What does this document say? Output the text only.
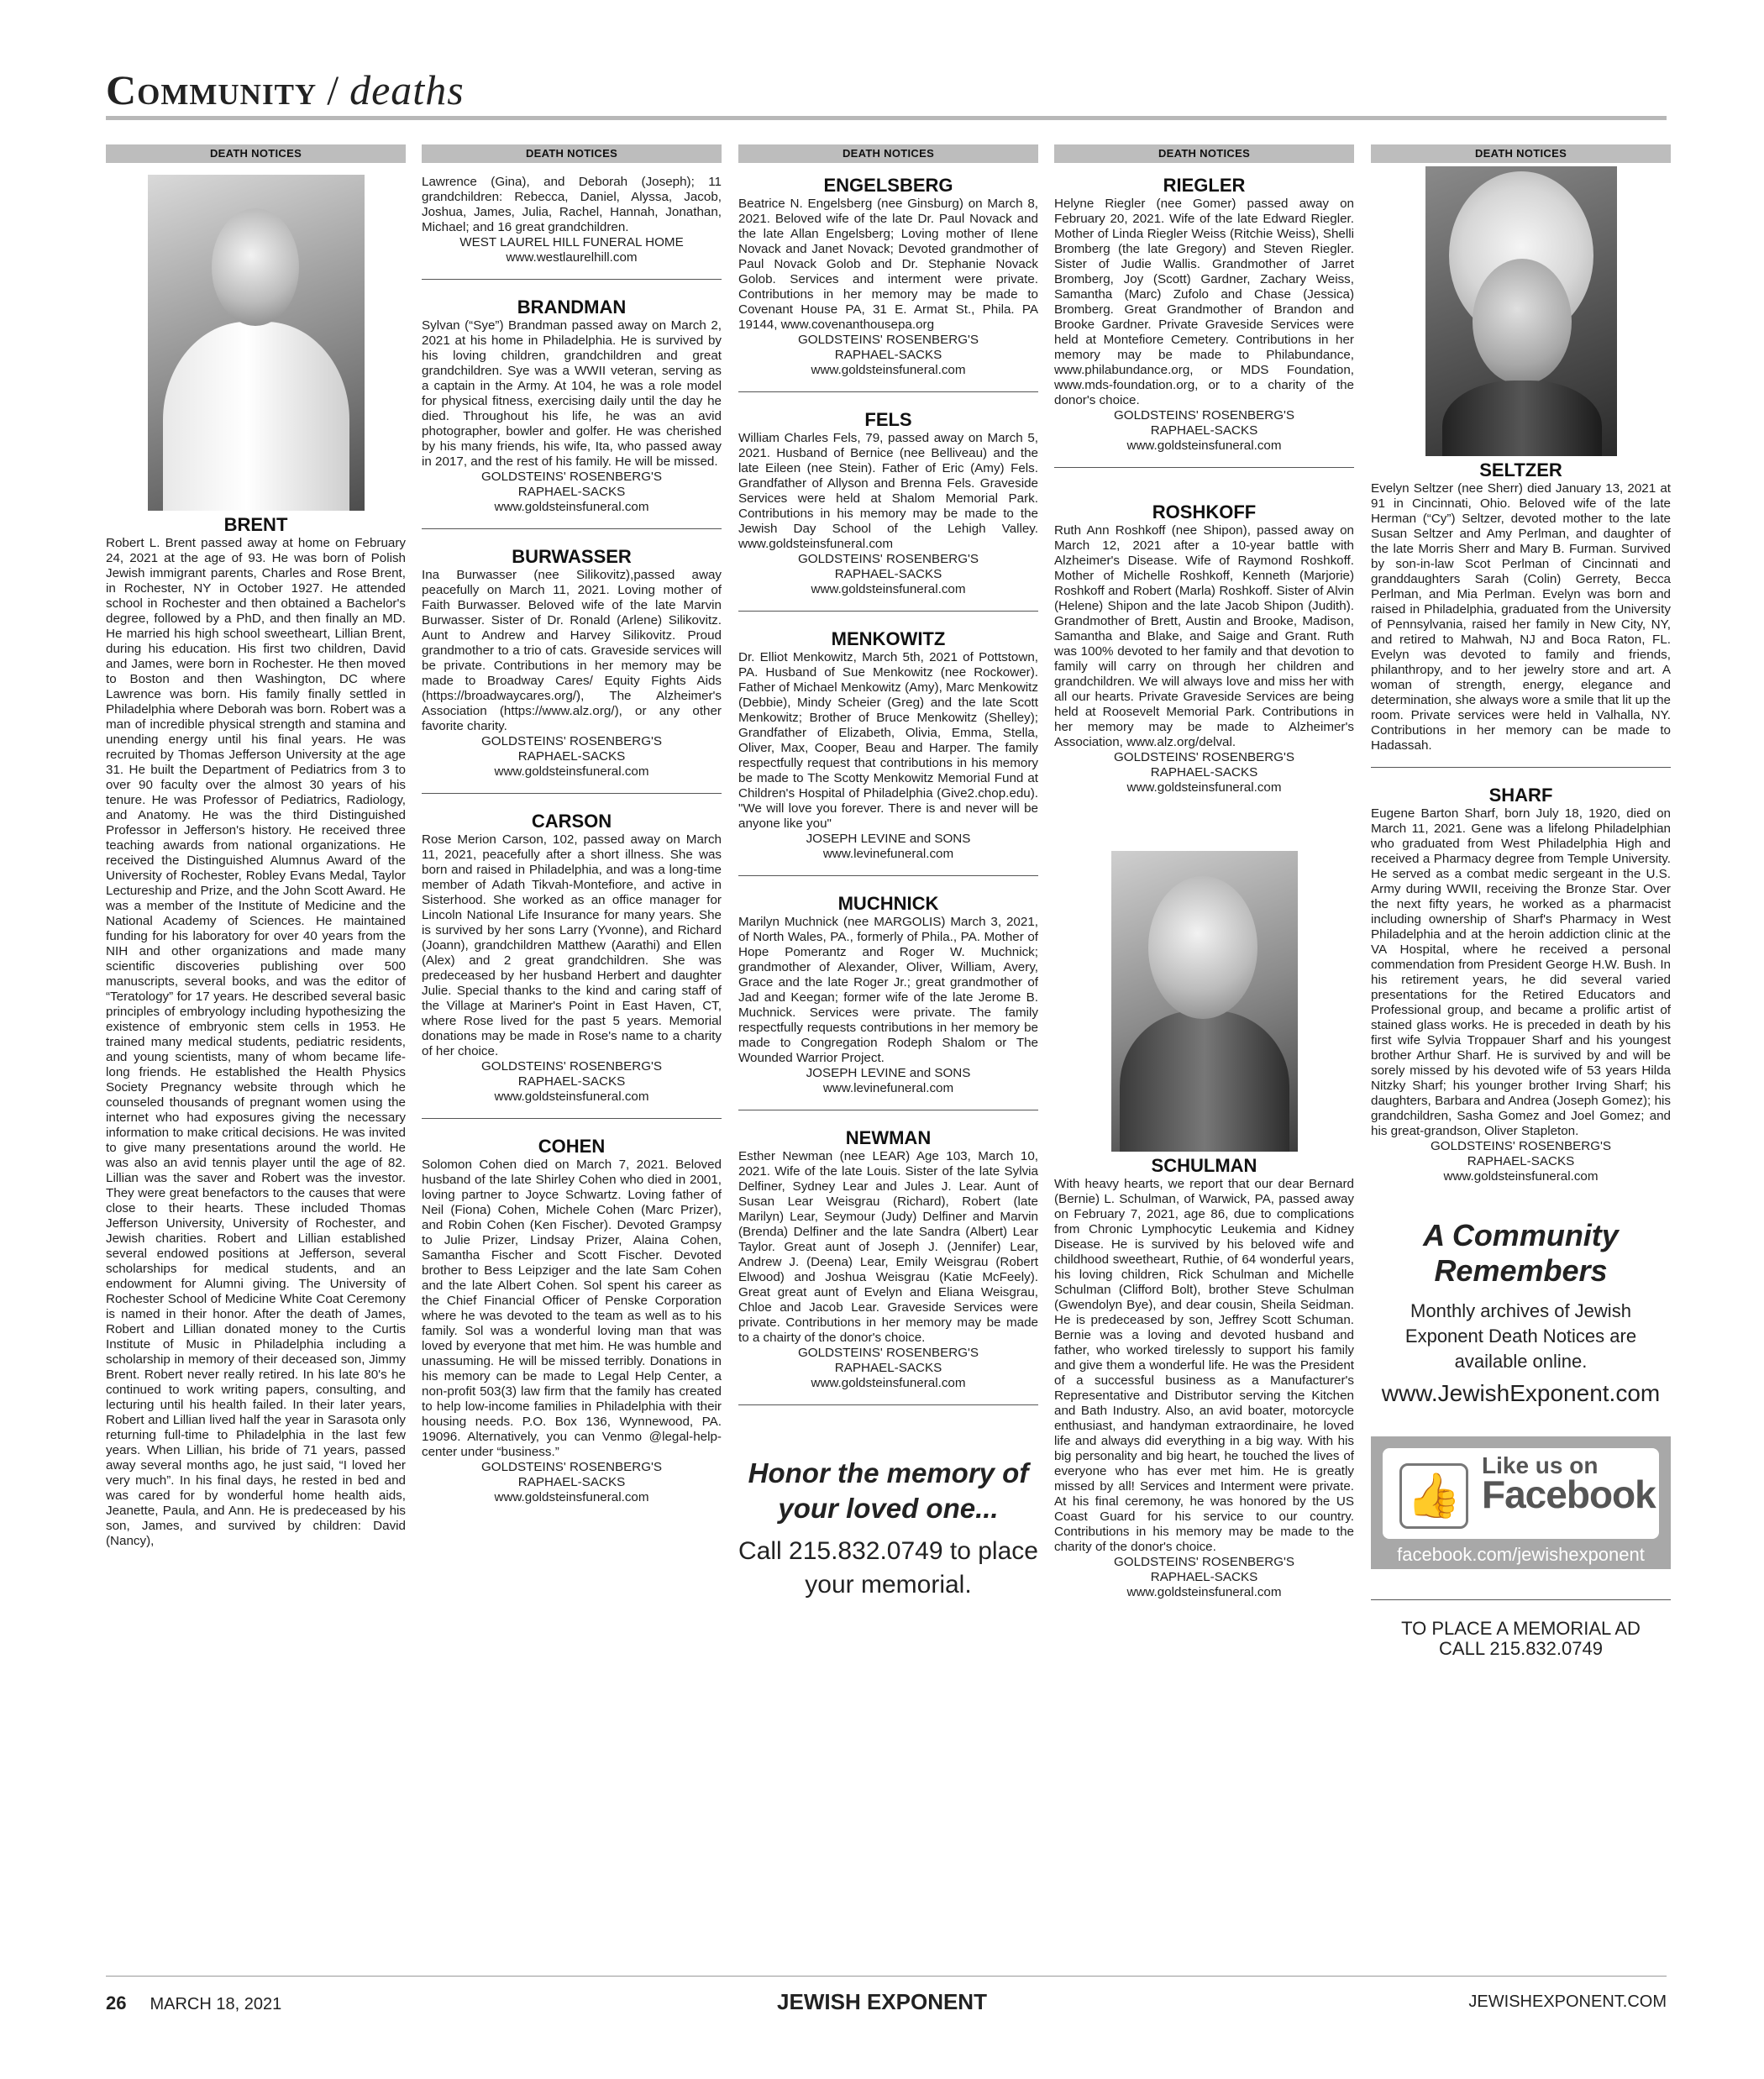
Community / deaths
DEATH NOTICES
BRENT
Robert L. Brent passed away at home on February 24, 2021 at the age of 93. He was born of Polish Jewish immigrant parents, Charles and Rose Brent, in Rochester, NY in October 1927. He attended school in Rochester and then obtained a Bachelor's degree, followed by a PhD, and then finally an MD. He married his high school sweetheart, Lillian Brent, during his education. His first two children, David and James, were born in Rochester. He then moved to Boston and then Washington, DC where Lawrence was born. His family finally settled in Philadelphia where Deborah was born. Robert was a man of incredible physical strength and stamina and unending energy until his final years. He was recruited by Thomas Jefferson University at the age 31. He built the Department of Pediatrics from 3 to over 90 faculty over the almost 30 years of his tenure. He was Professor of Pediatrics, Radiology, and Anatomy. He was the third Distinguished Professor in Jefferson's history. He received three teaching awards from national organizations. He received the Distinguished Alumnus Award of the University of Rochester, Robley Evans Medal, Taylor Lectureship and Prize, and the John Scott Award. He was a member of the Institute of Medicine and the National Academy of Sciences. He maintained funding for his laboratory for over 40 years from the NIH and other organizations and made many scientific discoveries publishing over 500 manuscripts, several books, and was the editor of “Teratology” for 17 years. He described several basic principles of embryology including hypothesizing the existence of embryonic stem cells in 1953. He trained many medical students, pediatric residents, and young scientists, many of whom became life-long friends. He established the Health Physics Society Pregnancy website through which he counseled thousands of pregnant women using the internet who had exposures giving the necessary information to make critical decisions. He was invited to give many presentations around the world. He was also an avid tennis player until the age of 82. Lillian was the saver and Robert was the investor. They were great benefactors to the causes that were close to their hearts. These included Thomas Jefferson University, University of Rochester, and Jewish charities. Robert and Lillian established several endowed positions at Jefferson, several scholarships for medical students, and an endowment for Alumni giving. The University of Rochester School of Medicine White Coat Ceremony is named in their honor. After the death of James, Robert and Lillian donated money to the Curtis Institute of Music in Philadelphia including a scholarship in memory of their deceased son, Jimmy Brent. Robert never really retired. In his late 80's he continued to work writing papers, consulting, and lecturing until his health failed. In their later years, Robert and Lillian lived half the year in Sarasota only returning full-time to Philadelphia in the last few years. When Lillian, his bride of 71 years, passed away several months ago, he just said, “I loved her very much”. In his final days, he rested in bed and was cared for by wonderful home health aids, Jeanette, Paula, and Ann. He is predeceased by his son, James, and survived by children: David (Nancy),
DEATH NOTICES
Lawrence (Gina), and Deborah (Joseph); 11 grandchildren: Rebecca, Daniel, Alyssa, Jacob, Joshua, James, Julia, Rachel, Hannah, Jonathan, Michael; and 16 great grandchildren.
WEST LAUREL HILL FUNERAL HOME
www.westlaurelhill.com
BRANDMAN
Sylvan (“Sye”) Brandman passed away on March 2, 2021 at his home in Philadelphia. He is survived by his loving children, grandchildren and great grandchildren. Sye was a WWII veteran, serving as a captain in the Army. At 104, he was a role model for physical fitness, exercising daily until the day he died. Throughout his life, he was an avid photographer, bowler and golfer. He was cherished by his many friends, his wife, Ita, who passed away in 2017, and the rest of his family. He will be missed.
GOLDSTEINS' ROSENBERG'S
RAPHAEL-SACKS
www.goldsteinsfuneral.com
BURWASSER
Ina Burwasser (nee Silikovitz),passed away peacefully on March 11, 2021. Loving mother of Faith Burwasser. Beloved wife of the late Marvin Burwasser. Sister of Dr. Ronald (Arlene) Silikovitz. Aunt to Andrew and Harvey Silikovitz. Proud grandmother to a trio of cats. Graveside services will be private. Contributions in her memory may be made to Broadway Cares/ Equity Fights Aids (https://broadwaycares.org/), The Alzheimer's Association (https://www.alz.org/), or any other favorite charity.
GOLDSTEINS' ROSENBERG'S
RAPHAEL-SACKS
www.goldsteinsfuneral.com
CARSON
Rose Merion Carson, 102, passed away on March 11, 2021, peacefully after a short illness. She was born and raised in Philadelphia, and was a long-time member of Adath Tikvah-Montefiore, and active in Sisterhood. She worked as an office manager for Lincoln National Life Insurance for many years. She is survived by her sons Larry (Yvonne), and Richard (Joann), grandchildren Matthew (Aarathi) and Ellen (Alex) and 2 great grandchildren. She was predeceased by her husband Herbert and daughter Julie. Special thanks to the kind and caring staff of the Village at Mariner's Point in East Haven, CT, where Rose lived for the past 5 years. Memorial donations may be made in Rose's name to a charity of her choice.
GOLDSTEINS' ROSENBERG'S
RAPHAEL-SACKS
www.goldsteinsfuneral.com
COHEN
Solomon Cohen died on March 7, 2021. Beloved husband of the late Shirley Cohen who died in 2001, loving partner to Joyce Schwartz. Loving father of Neil (Fiona) Cohen, Michele Cohen (Marc Prizer), and Robin Cohen (Ken Fischer). Devoted Grampsy to Julie Prizer, Lindsay Prizer, Alaina Cohen, Samantha Fischer and Scott Fischer. Devoted brother to Bess Leipziger and the late Sam Cohen and the late Albert Cohen. Sol spent his career as the Chief Financial Officer of Penske Corporation where he was devoted to the team as well as to his family. Sol was a wonderful loving man that was loved by everyone that met him. He was humble and unassuming. He will be missed terribly. Donations in his memory can be made to Legal Help Center, a non-profit 503(3) law firm that the family has created to help low-income families in Philadelphia with their housing needs. P.O. Box 136, Wynnewood, PA. 19096. Alternatively, you can Venmo @legal-help-center under “business.”
GOLDSTEINS' ROSENBERG'S
RAPHAEL-SACKS
www.goldsteinsfuneral.com
DEATH NOTICES
ENGELSBERG
Beatrice N. Engelsberg (nee Ginsburg) on March 8, 2021. Beloved wife of the late Dr. Paul Novack and the late Allan Engelsberg; Loving mother of Ilene Novack and Janet Novack; Devoted grandmother of Paul Novack Golob and Dr. Stephanie Novack Golob. Services and interment were private. Contributions in her memory may be made to Covenant House PA, 31 E. Armat St., Phila. PA 19144, www.covenanthousepa.org
GOLDSTEINS' ROSENBERG'S
RAPHAEL-SACKS
www.goldsteinsfuneral.com
FELS
William Charles Fels, 79, passed away on March 5, 2021. Husband of Bernice (nee Belliveau) and the late Eileen (nee Stein). Father of Eric (Amy) Fels. Grandfather of Allyson and Brenna Fels. Graveside Services were held at Shalom Memorial Park. Contributions in his memory may be made to the Jewish Day School of the Lehigh Valley. www.goldsteinsfuneral.com
GOLDSTEINS' ROSENBERG'S
RAPHAEL-SACKS
www.goldsteinsfuneral.com
MENKOWITZ
Dr. Elliot Menkowitz, March 5th, 2021 of Pottstown, PA. Husband of Sue Menkowitz (nee Rockower). Father of Michael Menkowitz (Amy), Marc Menkowitz (Debbie), Mindy Scheier (Greg) and the late Scott Menkowitz; Brother of Bruce Menkowitz (Shelley); Grandfather of Elizabeth, Olivia, Emma, Stella, Oliver, Max, Cooper, Beau and Harper. The family respectfully request that contributions in his memory be made to The Scotty Menkowitz Memorial Fund at Children's Hospital of Philadelphia (Give2.chop.edu). "We will love you forever. There is and never will be anyone like you"
JOSEPH LEVINE and SONS
www.levinefuneral.com
MUCHNICK
Marilyn Muchnick (nee MARGOLIS) March 3, 2021, of North Wales, PA., formerly of Phila., PA. Mother of Hope Pomerantz and Roger W. Muchnick; grandmother of Alexander, Oliver, William, Avery, Grace and the late Roger Jr.; great grandmother of Jad and Keegan; former wife of the late Jerome B. Muchnick. Services were private. The family respectfully requests contributions in her memory be made to Congregation Rodeph Shalom or The Wounded Warrior Project.
JOSEPH LEVINE and SONS
www.levinefuneral.com
NEWMAN
Esther Newman (nee LEAR) Age 103, March 10, 2021. Wife of the late Louis. Sister of the late Sylvia Delfiner, Sydney Lear and Jules J. Lear. Aunt of Susan Lear Weisgrau (Richard), Robert (late Marilyn) Lear, Seymour (Judy) Delfiner and Marvin (Brenda) Delfiner and the late Sandra (Albert) Lear Taylor. Great aunt of Joseph J. (Jennifer) Lear, Andrew J. (Deena) Lear, Emily Weisgrau (Robert Elwood) and Joshua Weisgrau (Katie McFeely). Great great aunt of Evelyn and Eliana Weisgrau, Chloe and Jacob Lear. Graveside Services were private. Contributions in her memory may be made to a chairty of the donor's choice.
GOLDSTEINS' ROSENBERG'S
RAPHAEL-SACKS
www.goldsteinsfuneral.com
Honor the memory of your loved one...
Call 215.832.0749 to place your memorial.
DEATH NOTICES
RIEGLER
Helyne Riegler (nee Gomer) passed away on February 20, 2021. Wife of the late Edward Riegler. Mother of Linda Riegler Weiss (Ritchie Weiss), Shelli Bromberg (the late Gregory) and Steven Riegler. Sister of Judie Wallis. Grandmother of Jarret Bromberg, Joy (Scott) Gardner, Zachary Weiss, Samantha (Marc) Zufolo and Chase (Jessica) Bromberg. Great Grandmother of Brandon and Brooke Gardner. Private Graveside Services were held at Montefiore Cemetery. Contributions in her memory may be made to Philabundance, www.philabundance.org, or MDS Foundation, www.mds-foundation.org, or to a charity of the donor's choice.
GOLDSTEINS' ROSENBERG'S
RAPHAEL-SACKS
www.goldsteinsfuneral.com
ROSHKOFF
Ruth Ann Roshkoff (nee Shipon), passed away on March 12, 2021 after a 10-year battle with Alzheimer's Disease. Wife of Raymond Roshkoff. Mother of Michelle Roshkoff, Kenneth (Marjorie) Roshkoff and Robert (Marla) Roshkoff. Sister of Alvin (Helene) Shipon and the late Jacob Shipon (Judith). Grandmother of Brett, Austin and Brooke, Madison, Samantha and Blake, and Saige and Grant. Ruth was 100% devoted to her family and that devotion to family will carry on through her children and grandchildren. We will always love and miss her with all our hearts. Private Graveside Services are being held at Roosevelt Memorial Park. Contributions in her memory may be made to Alzheimer's Association, www.alz.org/delval.
GOLDSTEINS' ROSENBERG'S
RAPHAEL-SACKS
www.goldsteinsfuneral.com
SCHULMAN
With heavy hearts, we report that our dear Bernard (Bernie) L. Schulman, of Warwick, PA, passed away on February 7, 2021, age 86, due to complications from Chronic Lymphocytic Leukemia and Kidney Disease. He is survived by his beloved wife and childhood sweetheart, Ruthie, of 64 wonderful years, his loving children, Rick Schulman and Michelle Schulman (Clifford Bolt), brother Steve Schulman (Gwendolyn Bye), and dear cousin, Sheila Seidman. He is predeceased by son, Jeffrey Scott Schuman. Bernie was a loving and devoted husband and father, who worked tirelessly to support his family and give them a wonderful life. He was the President of a successful business as a Manufacturer's Representative and Distributor serving the Kitchen and Bath Industry. Also, an avid boater, motorcycle enthusiast, and handyman extraordinaire, he loved life and always did everything in a big way. With his big personality and big heart, he touched the lives of everyone who has ever met him. He is greatly missed by all! Services and Interment were private. At his final ceremony, he was honored by the US Coast Guard for his service to our country. Contributions in his memory may be made to the charity of the donor's choice.
GOLDSTEINS' ROSENBERG'S
RAPHAEL-SACKS
www.goldsteinsfuneral.com
DEATH NOTICES
SELTZER
Evelyn Seltzer (nee Sherr) died January 13, 2021 at 91 in Cincinnati, Ohio. Beloved wife of the late Herman (“Cy”) Seltzer, devoted mother to the late Susan Seltzer and Amy Perlman, and daughter of the late Morris Sherr and Mary B. Furman. Survived by son-in-law Scot Perlman of Cincinnati and granddaughters Sarah (Colin) Gerrety, Becca Perlman, and Mia Perlman. Evelyn was born and raised in Philadelphia, graduated from the University of Pennsylvania, raised her family in New City, NY, and retired to Mahwah, NJ and Boca Raton, FL. Evelyn was devoted to family and friends, philanthropy, and to her jewelry store and art. A woman of strength, energy, elegance and determination, she always wore a smile that lit up the room. Private services were held in Valhalla, NY. Contributions in her memory can be made to Hadassah.
SHARF
Eugene Barton Sharf, born July 18, 1920, died on March 11, 2021. Gene was a lifelong Philadelphian who graduated from West Philadelphia High and received a Pharmacy degree from Temple University. He served as a combat medic sergeant in the U.S. Army during WWII, receiving the Bronze Star. Over the next fifty years, he worked as a pharmacist including ownership of Sharf's Pharmacy in West Philadelphia and at the heroin addiction clinic at the VA Hospital, where he received a personal commendation from President George H.W. Bush. In his retirement years, he did several varied presentations for the Retired Educators and Professional group, and became a prolific artist of stained glass works. He is preceded in death by his first wife Sylvia Troppauer Sharf and his youngest brother Arthur Sharf. He is survived by and will be sorely missed by his devoted wife of 53 years Hilda Nitzky Sharf; his younger brother Irving Sharf; his daughters, Barbara and Andrea (Joseph Gomez); his grandchildren, Sasha Gomez and Joel Gomez; and his great-grandson, Oliver Stapleton.
GOLDSTEINS' ROSENBERG'S
RAPHAEL-SACKS
www.goldsteinsfuneral.com
A Community Remembers
Monthly archives of Jewish Exponent Death Notices are available online.
www.JewishExponent.com
👍
Like us on
Facebook
facebook.com/jewishexponent
TO PLACE A MEMORIAL AD
CALL 215.832.0749
26 MARCH 18, 2021	JEWISH EXPONENT	JEWISHEXPONENT.COM
